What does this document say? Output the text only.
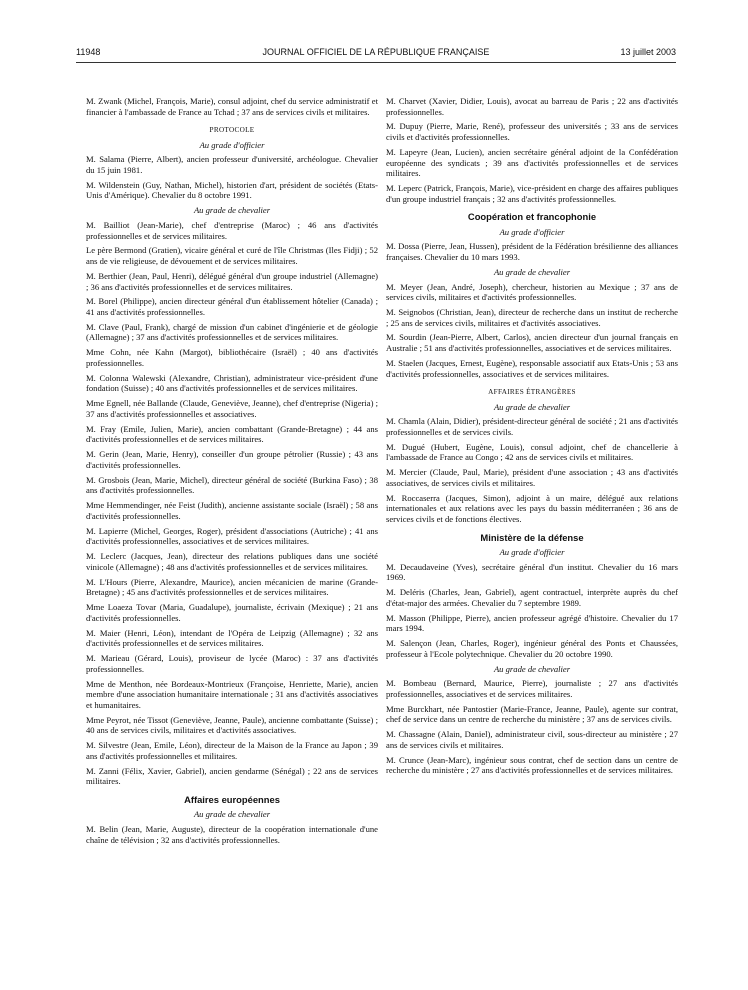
11948	JOURNAL OFFICIEL DE LA RÉPUBLIQUE FRANÇAISE	13 juillet 2003
M. Zwank (Michel, François, Marie), consul adjoint, chef du service administratif et financier à l'ambassade de France au Tchad ; 37 ans de services civils et militaires.
PROTOCOLE
Au grade d'officier
M. Salama (Pierre, Albert), ancien professeur d'université, archéologue. Chevalier du 15 juin 1981.
M. Wildenstein (Guy, Nathan, Michel), historien d'art, président de sociétés (Etats-Unis d'Amérique). Chevalier du 8 octobre 1991.
Au grade de chevalier
M. Bailliot (Jean-Marie), chef d'entreprise (Maroc) ; 46 ans d'activités professionnelles et de services militaires.
Le père Bermond (Gratien), vicaire général et curé de l'île Christmas (Iles Fidji) ; 52 ans de vie religieuse, de dévouement et de services militaires.
M. Berthier (Jean, Paul, Henri), délégué général d'un groupe industriel (Allemagne) ; 36 ans d'activités professionnelles et de services militaires.
M. Borel (Philippe), ancien directeur général d'un établissement hôtelier (Canada) ; 41 ans d'activités professionnelles.
M. Clave (Paul, Frank), chargé de mission d'un cabinet d'ingénierie et de géologie (Allemagne) ; 37 ans d'activités professionnelles et de services militaires.
Mme Cohn, née Kahn (Margot), bibliothécaire (Israël) ; 40 ans d'activités professionnelles.
M. Colonna Walewski (Alexandre, Christian), administrateur vice-président d'une fondation (Suisse) ; 40 ans d'activités professionnelles et de services militaires.
Mme Egnell, née Ballande (Claude, Geneviève, Jeanne), chef d'entreprise (Nigeria) ; 37 ans d'activités professionnelles et associatives.
M. Fray (Emile, Julien, Marie), ancien combattant (Grande-Bretagne) ; 44 ans d'activités professionnelles et de services militaires.
M. Gerin (Jean, Marie, Henry), conseiller d'un groupe pétrolier (Russie) ; 43 ans d'activités professionnelles.
M. Grosbois (Jean, Marie, Michel), directeur général de société (Burkina Faso) ; 38 ans d'activités professionnelles.
Mme Hemmendinger, née Feist (Judith), ancienne assistante sociale (Israël) ; 58 ans d'activités professionnelles.
M. Lapierre (Michel, Georges, Roger), président d'associations (Autriche) ; 41 ans d'activités professionnelles, associatives et de services militaires.
M. Leclerc (Jacques, Jean), directeur des relations publiques dans une société vinicole (Allemagne) ; 48 ans d'activités professionnelles et de services militaires.
M. L'Hours (Pierre, Alexandre, Maurice), ancien mécanicien de marine (Grande-Bretagne) ; 45 ans d'activités professionnelles et de services militaires.
Mme Loaeza Tovar (Maria, Guadalupe), journaliste, écrivain (Mexique) ; 21 ans d'activités professionnelles.
M. Maier (Henri, Léon), intendant de l'Opéra de Leipzig (Allemagne) ; 32 ans d'activités professionnelles et de services militaires.
M. Marieau (Gérard, Louis), proviseur de lycée (Maroc) : 37 ans d'activités professionnelles.
Mme de Menthon, née Bordeaux-Montrieux (Françoise, Henriette, Marie), ancien membre d'une association humanitaire internationale ; 31 ans d'activités associatives et humanitaires.
Mme Peyrot, née Tissot (Geneviève, Jeanne, Paule), ancienne combattante (Suisse) ; 40 ans de services civils, militaires et d'activités associatives.
M. Silvestre (Jean, Emile, Léon), directeur de la Maison de la France au Japon ; 39 ans d'activités professionnelles et militaires.
M. Zanni (Félix, Xavier, Gabriel), ancien gendarme (Sénégal) ; 22 ans de services militaires.
Affaires européennes
Au grade de chevalier
M. Belin (Jean, Marie, Auguste), directeur de la coopération internationale d'une chaîne de télévision ; 32 ans d'activités professionnelles.
M. Charvet (Xavier, Didier, Louis), avocat au barreau de Paris ; 22 ans d'activités professionnelles.
M. Dupuy (Pierre, Marie, René), professeur des universités ; 33 ans de services civils et d'activités professionnelles.
M. Lapeyre (Jean, Lucien), ancien secrétaire général adjoint de la Confédération européenne des syndicats ; 39 ans d'activités professionnelles et de services militaires.
M. Leperc (Patrick, François, Marie), vice-président en charge des affaires publiques d'un groupe industriel français ; 32 ans d'activités professionnelles.
Coopération et francophonie
Au grade d'officier
M. Dossa (Pierre, Jean, Hussen), président de la Fédération brésilienne des alliances françaises. Chevalier du 10 mars 1993.
Au grade de chevalier
M. Meyer (Jean, André, Joseph), chercheur, historien au Mexique ; 37 ans de services civils, militaires et d'activités professionnelles.
M. Seignobos (Christian, Jean), directeur de recherche dans un institut de recherche ; 25 ans de services civils, militaires et d'activités associatives.
M. Sourdin (Jean-Pierre, Albert, Carlos), ancien directeur d'un journal français en Australie ; 51 ans d'activités professionnelles, associatives et de services militaires.
M. Staelen (Jacques, Ernest, Eugène), responsable associatif aux Etats-Unis ; 53 ans d'activités professionnelles, associatives et de services militaires.
AFFAIRES ÉTRANGÈRES
Au grade de chevalier
M. Chamla (Alain, Didier), président-directeur général de société ; 21 ans d'activités professionnelles et de services civils.
M. Dugué (Hubert, Eugène, Louis), consul adjoint, chef de chancellerie à l'ambassade de France au Congo ; 42 ans de services civils et militaires.
M. Mercier (Claude, Paul, Marie), président d'une association ; 43 ans d'activités associatives, de services civils et militaires.
M. Roccaserra (Jacques, Simon), adjoint à un maire, délégué aux relations internationales et aux relations avec les pays du bassin méditerranéen ; 36 ans de services civils et de fonctions électives.
Ministère de la défense
Au grade d'officier
M. Decaudaveine (Yves), secrétaire général d'un institut. Chevalier du 16 mars 1969.
M. Deléris (Charles, Jean, Gabriel), agent contractuel, interprète auprès du chef d'état-major des armées. Chevalier du 7 septembre 1989.
M. Masson (Philippe, Pierre), ancien professeur agrégé d'histoire. Chevalier du 17 mars 1994.
M. Salençon (Jean, Charles, Roger), ingénieur général des Ponts et Chaussées, professeur à l'Ecole polytechnique. Chevalier du 20 octobre 1990.
Au grade de chevalier
M. Bombeau (Bernard, Maurice, Pierre), journaliste ; 27 ans d'activités professionnelles, associatives et de services militaires.
Mme Burckhart, née Pantostier (Marie-France, Jeanne, Paule), agente sur contrat, chef de service dans un centre de recherche du ministère ; 37 ans de services civils.
M. Chassagne (Alain, Daniel), administrateur civil, sous-directeur au ministère ; 27 ans de services civils et militaires.
M. Crunce (Jean-Marc), ingénieur sous contrat, chef de section dans un centre de recherche du ministère ; 27 ans d'activités professionnelles et de services militaires.
